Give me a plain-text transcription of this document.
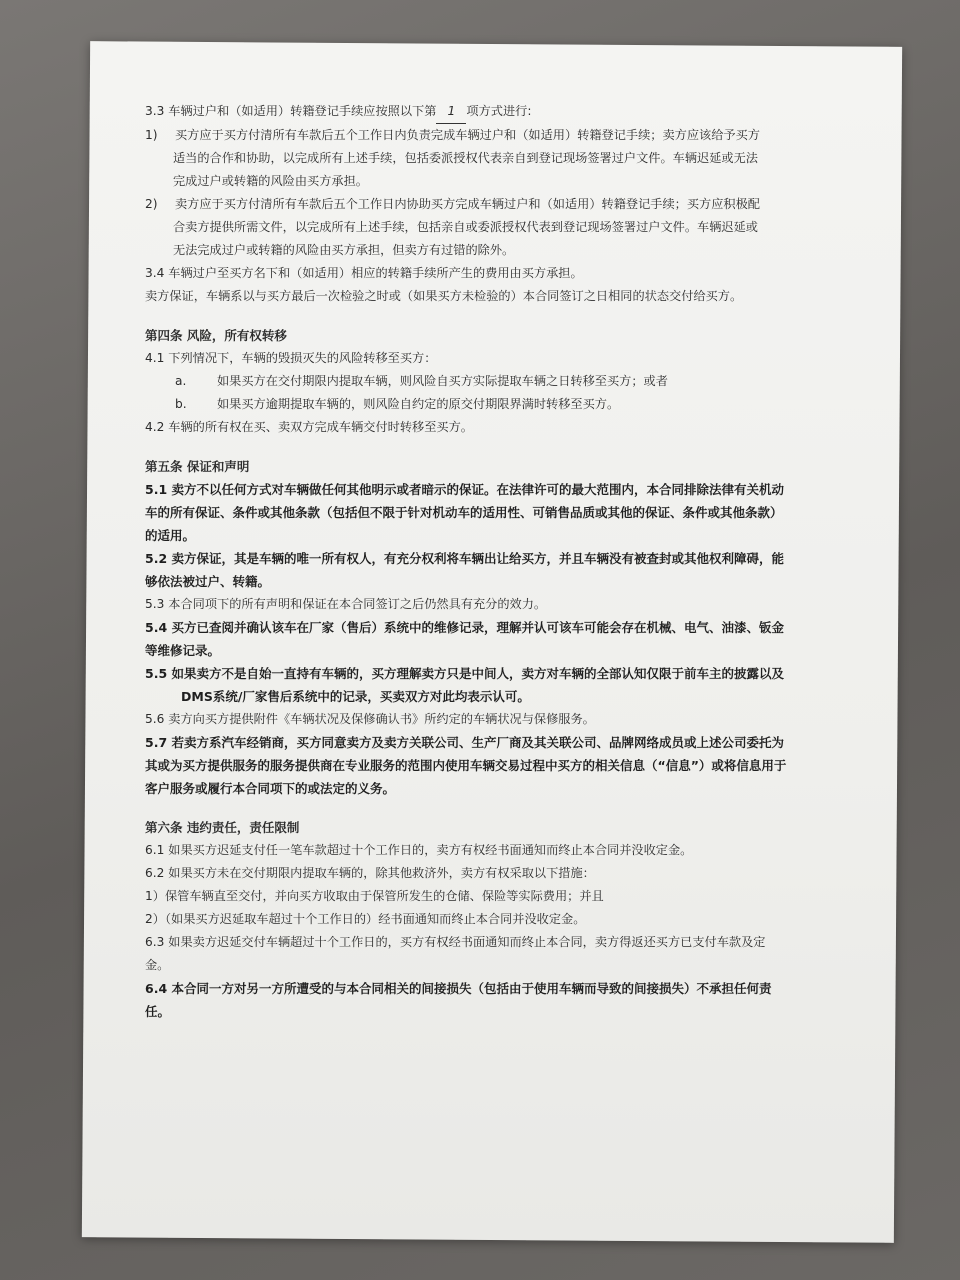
3.3 车辆过户和（如适用）转籍登记手续应按照以下第 1 项方式进行:
1) 买方应于买方付清所有车款后五个工作日内负责完成车辆过户和（如适用）转籍登记手续；卖方应该给予买方
适当的合作和协助，以完成所有上述手续，包括委派授权代表亲自到登记现场签署过户文件。车辆迟延或无法
完成过户或转籍的风险由买方承担。
2) 卖方应于买方付清所有车款后五个工作日内协助买方完成车辆过户和（如适用）转籍登记手续；买方应积极配
合卖方提供所需文件，以完成所有上述手续，包括亲自或委派授权代表到登记现场签署过户文件。车辆迟延或
无法完成过户或转籍的风险由买方承担，但卖方有过错的除外。
3.4 车辆过户至买方名下和（如适用）相应的转籍手续所产生的费用由买方承担。
卖方保证，车辆系以与买方最后一次检验之时或（如果买方未检验的）本合同签订之日相同的状态交付给买方。
第四条 风险，所有权转移
4.1 下列情况下，车辆的毁损灭失的风险转移至买方：
a.	如果买方在交付期限内提取车辆，则风险自买方实际提取车辆之日转移至买方；或者
b. 如果买方逾期提取车辆的，则风险自约定的原交付期限界满时转移至买方。
4.2 车辆的所有权在买、卖双方完成车辆交付时转移至买方。
第五条 保证和声明
5.1 卖方不以任何方式对车辆做任何其他明示或者暗示的保证。在法律许可的最大范围内，本合同排除法律有关机动
车的所有保证、条件或其他条款（包括但不限于针对机动车的适用性、可销售品质或其他的保证、条件或其他条款）
的适用。
5.2 卖方保证，其是车辆的唯一所有权人，有充分权利将车辆出让给买方，并且车辆没有被查封或其他权利障碍，能
够依法被过户、转籍。
5.3 本合同项下的所有声明和保证在本合同签订之后仍然具有充分的效力。
5.4 买方已查阅并确认该车在厂家（售后）系统中的维修记录，理解并认可该车可能会存在机械、电气、油漆、钣金
等维修记录。
5.5 如果卖方不是自始一直持有车辆的，买方理解卖方只是中间人，卖方对车辆的全部认知仅限于前车主的披露以及
DMS系统/厂家售后系统中的记录，买卖双方对此均表示认可。
5.6 卖方向买方提供附件《车辆状况及保修确认书》所约定的车辆状况与保修服务。
5.7 若卖方系汽车经销商，买方同意卖方及卖方关联公司、生产厂商及其关联公司、品牌网络成员或上述公司委托为
其或为买方提供服务的服务提供商在专业服务的范围内使用车辆交易过程中买方的相关信息（“信息”）或将信息用于
客户服务或履行本合同项下的或法定的义务。
第六条 违约责任，责任限制
6.1 如果买方迟延支付任一笔车款超过十个工作日的，卖方有权经书面通知而终止本合同并没收定金。
6.2 如果买方未在交付期限内提取车辆的，除其他救济外，卖方有权采取以下措施：
1）保管车辆直至交付，并向买方收取由于保管所发生的仓储、保险等实际费用；并且
2）（如果买方迟延取车超过十个工作日的）经书面通知而终止本合同并没收定金。
6.3 如果卖方迟延交付车辆超过十个工作日的，买方有权经书面通知而终止本合同，卖方得返还买方已支付车款及定
金。
6.4 本合同一方对另一方所遭受的与本合同相关的间接损失（包括由于使用车辆而导致的间接损失）不承担任何责
任。
